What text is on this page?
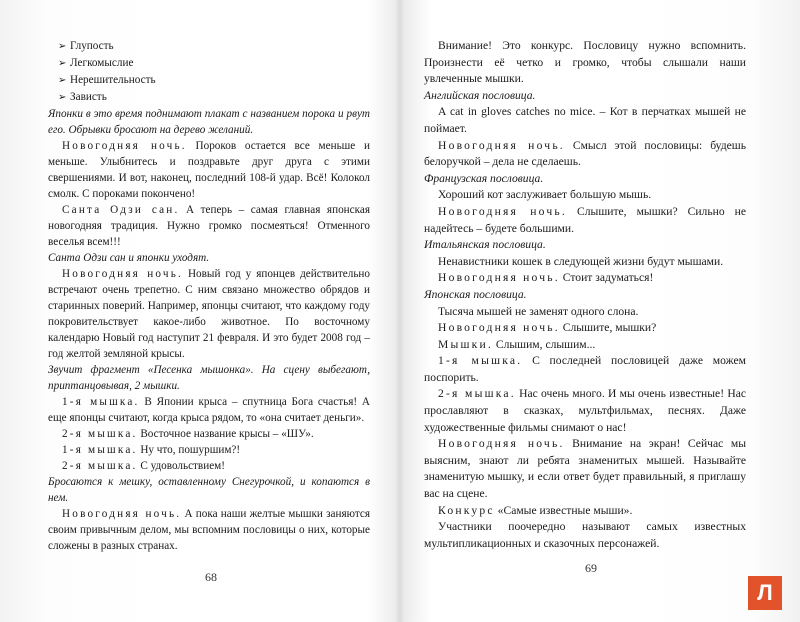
➢ Глупость

➢ Легкомыслие

➢ Нерешительность

➢ Зависть

Японки в это время поднимают плакат с названием порока и рвут его. Обрывки бросают на дерево желаний.

Новогодняя ночь. Пороков остается все меньше и меньше. Улыбнитесь и поздравьте друг друга с этими свершениями. И вот, наконец, последний 108-й удар. Всё! Колокол смолк. С пороками покончено!

Санта Одзи сан. А теперь – самая главная японская новогодняя традиция. Нужно громко посмеяться! Отменного веселья всем!!!

Санта Одзи сан и японки уходят.

Новогодняя ночь. Новый год у японцев действительно встречают очень трепетно. С ним связано множество обрядов и старинных поверий. Например, японцы считают, что каждому году покровительствует какое-либо животное. По восточному календарю Новый год наступит 21 февраля. И это будет 2008 год – год желтой земляной крысы.

Звучит фрагмент «Песенка мышонка». На сцену выбегают, приптанцовывая, 2 мышки.

1-я мышка. В Японии крыса – спутница Бога счастья! А еще японцы считают, когда крыса рядом, то «она считает деньги».

2-я мышка. Восточное название крысы – «ШУ».

1-я мышка. Ну что, пошуршим?!

2-я мышка. С удовольствием!

Бросаются к мешку, оставленному Снегурочкой, и копаются в нем.

Новогодняя ночь. А пока наши желтые мышки заняются своим привычным делом, мы вспомним пословицы о них, которые сложены в разных странах.

68

Внимание! Это конкурс. Пословицу нужно вспомнить. Произнести её четко и громко, чтобы слышали наши увлеченные мышки.

Английская пословица.

A cat in gloves catches no mice. – Кот в перчатках мышей не поймает.

Новогодняя ночь. Смысл этой пословицы: будешь белоручкой – дела не сделаешь.

Французская пословица.

Хороший кот заслуживает большую мышь.

Новогодняя ночь. Слышите, мышки? Сильно не надейтесь – будете большими.

Итальянская пословица.

Ненавистники кошек в следующей жизни будут мышами.

Новогодняя ночь. Стоит задуматься!

Японская пословица.

Тысяча мышей не заменят одного слона.

Новогодняя ночь. Слышите, мышки?

Мышки. Слышим, слышим...

1-я мышка. С последней пословицей даже можем поспорить.

2-я мышка. Нас очень много. И мы очень известные! Нас прославляют в сказках, мультфильмах, песнях. Даже художественные фильмы снимают о нас!

Новогодняя ночь. Внимание на экран! Сейчас мы выясним, знают ли ребята знаменитых мышей. Называйте знаменитую мышку, и если ответ будет правильный, я приглашу вас на сцене.

Конкурс «Самые известные мыши».

Участники поочередно называют самых известных мультипликационных и сказочных персонажей.

69
Л
